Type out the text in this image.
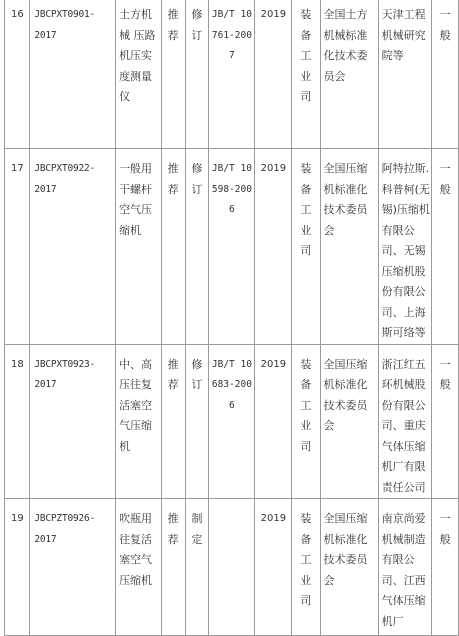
16	JBCPXT0901-2017	土方机械 压路机压实度测量仪	推荐	修订	JB/T 10761-2007	2019	装备工业司	全国土方机械标准化技术委员会	天津工程机械研究院等	一般

17	JBCPXT0922-2017	一般用干螺杆空气压缩机	推荐	修订	JB/T 10598-2006	2019	装备工业司	全国压缩机标准化技术委员会	阿特拉斯.科普柯(无锡)压缩机有限公司、无锡压缩机股份有限公司、上海斯可络等	一般

18	JBCPXT0923-2017	中、高压往复活塞空气压缩机	推荐	修订	JB/T 10683-2006	2019	装备工业司	全国压缩机标准化技术委员会	浙江红五环机械股份有限公司、重庆气体压缩机厂有限责任公司	一般

19	JBCPZT0926-2017	吹瓶用往复活塞空气压缩机	推荐	制定		2019	装备工业司	全国压缩机标准化技术委员会	南京尚爱机械制造有限公司、江西气体压缩机厂	一般
